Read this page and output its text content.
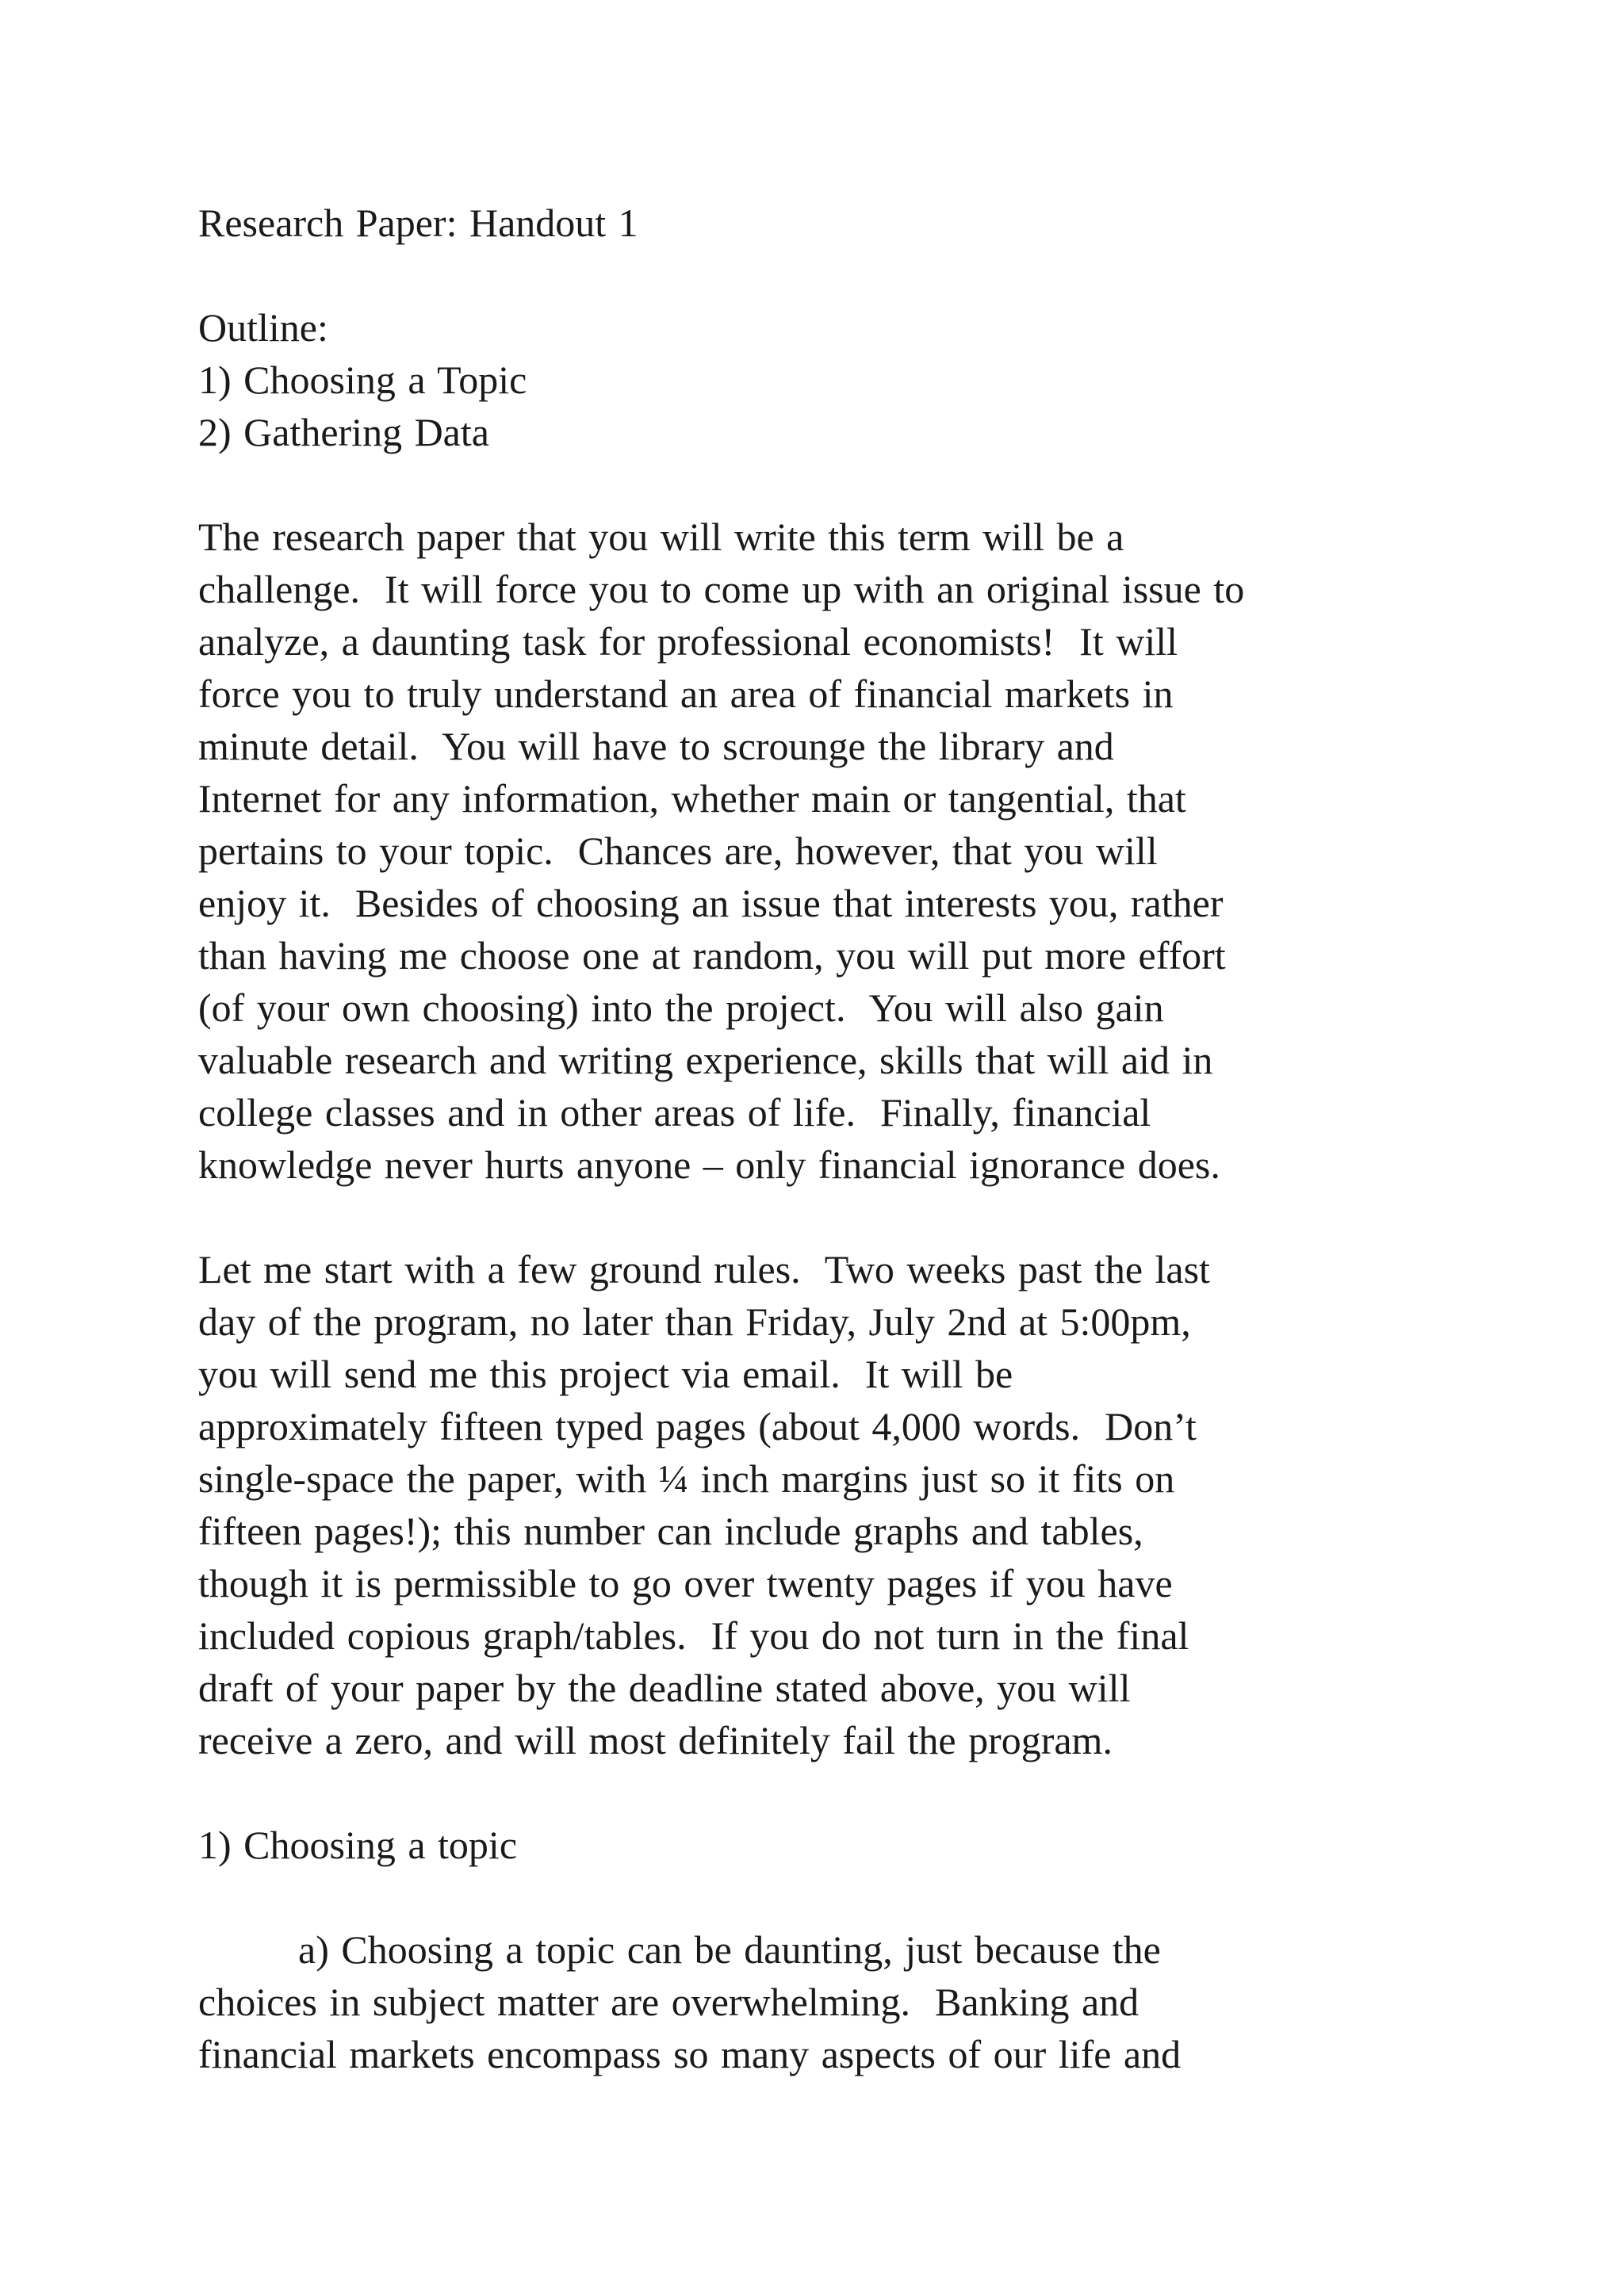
Research Paper: Handout 1
Outline:
1) Choosing a Topic
2) Gathering Data
The research paper that you will write this term will be a
challenge.  It will force you to come up with an original issue to
analyze, a daunting task for professional economists!  It will
force you to truly understand an area of financial markets in
minute detail.  You will have to scrounge the library and
Internet for any information, whether main or tangential, that
pertains to your topic.  Chances are, however, that you will
enjoy it.  Besides of choosing an issue that interests you, rather
than having me choose one at random, you will put more effort
(of your own choosing) into the project.  You will also gain
valuable research and writing experience, skills that will aid in
college classes and in other areas of life.  Finally, financial
knowledge never hurts anyone – only financial ignorance does.
Let me start with a few ground rules.  Two weeks past the last
day of the program, no later than Friday, July 2nd at 5:00pm,
you will send me this project via email.  It will be
approximately fifteen typed pages (about 4,000 words.  Don’t
single-space the paper, with ¼ inch margins just so it fits on
fifteen pages!); this number can include graphs and tables,
though it is permissible to go over twenty pages if you have
included copious graph/tables.  If you do not turn in the final
draft of your paper by the deadline stated above, you will
receive a zero, and will most definitely fail the program.
1) Choosing a topic
a) Choosing a topic can be daunting, just because the
choices in subject matter are overwhelming.  Banking and
financial markets encompass so many aspects of our life and
